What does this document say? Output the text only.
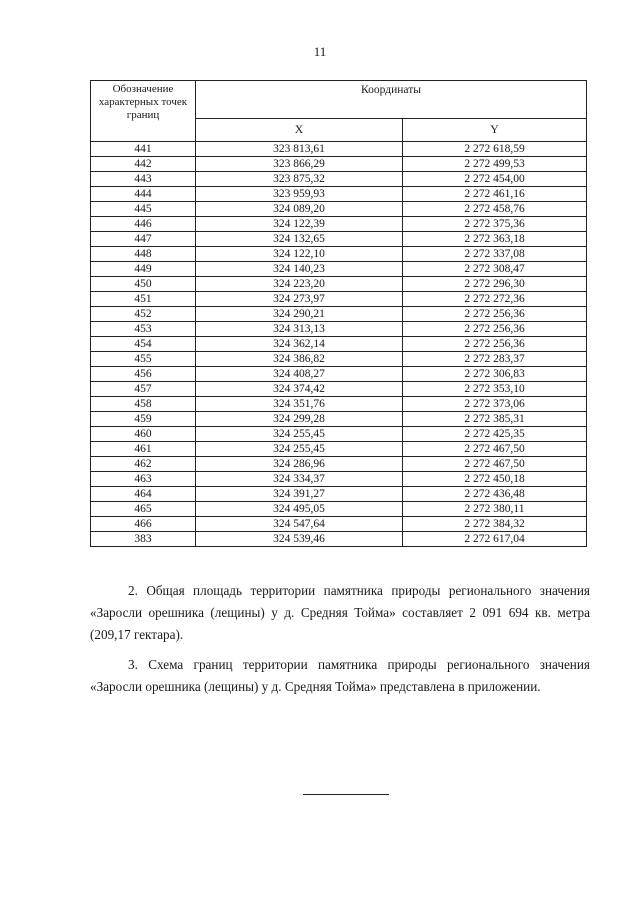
11
Обозначение характерных точек границ	Координаты	
	X	Y
441	323 813,61	2 272 618,59
442	323 866,29	2 272 499,53
443	323 875,32	2 272 454,00
444	323 959,93	2 272 461,16
445	324 089,20	2 272 458,76
446	324 122,39	2 272 375,36
447	324 132,65	2 272 363,18
448	324 122,10	2 272 337,08
449	324 140,23	2 272 308,47
450	324 223,20	2 272 296,30
451	324 273,97	2 272 272,36
452	324 290,21	2 272 256,36
453	324 313,13	2 272 256,36
454	324 362,14	2 272 256,36
455	324 386,82	2 272 283,37
456	324 408,27	2 272 306,83
457	324 374,42	2 272 353,10
458	324 351,76	2 272 373,06
459	324 299,28	2 272 385,31
460	324 255,45	2 272 425,35
461	324 255,45	2 272 467,50
462	324 286,96	2 272 467,50
463	324 334,37	2 272 450,18
464	324 391,27	2 272 436,48
465	324 495,05	2 272 380,11
466	324 547,64	2 272 384,32
383	324 539,46	2 272 617,04

2. Общая площадь территории памятника природы регионального значения «Заросли орешника (лещины) у д. Средняя Тойма» составляет 2 091 694 кв. метра (209,17 гектара).

3. Схема границ территории памятника природы регионального значения «Заросли орешника (лещины) у д. Средняя Тойма» представлена в приложении.
